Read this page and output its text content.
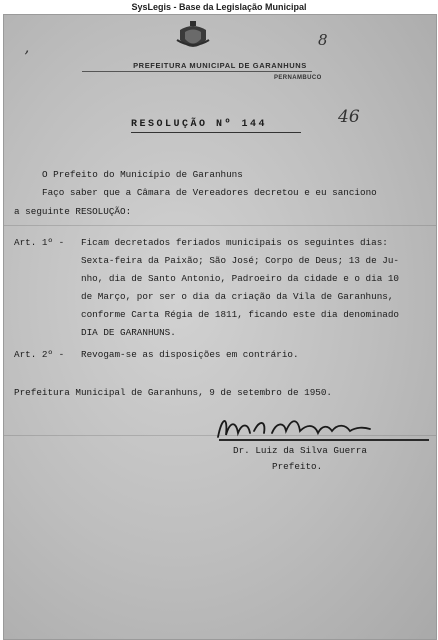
SysLegis - Base da Legislação Municipal
PREFEITURA MUNICIPAL DE GARANHUNS
PERNAMBUCO
’
8
46
RESOLUÇÃO Nº 144
O Prefeito do Município de Garanhuns
Faço saber que a Câmara de Vereadores decretou e eu sanciono
a seguinte RESOLUÇÃO:
Art. 1º - Ficam decretados feriados municipais os seguintes dias:
Sexta-feira da Paixão; São José; Corpo de Deus; 13 de Ju-
nho, dia de Santo Antonio, Padroeiro da cidade e o dia 10
de Março, por ser o dia da criação da Vila de Garanhuns,
conforme Carta Régia de 1811, ficando este dia denominado
DIA DE GARANHUNS.
Art. 2º - Revogam-se as disposições em contrário.
Prefeitura Municipal de Garanhuns, 9 de setembro de 1950.
Dr. Luiz da Silva Guerra
Prefeito.
